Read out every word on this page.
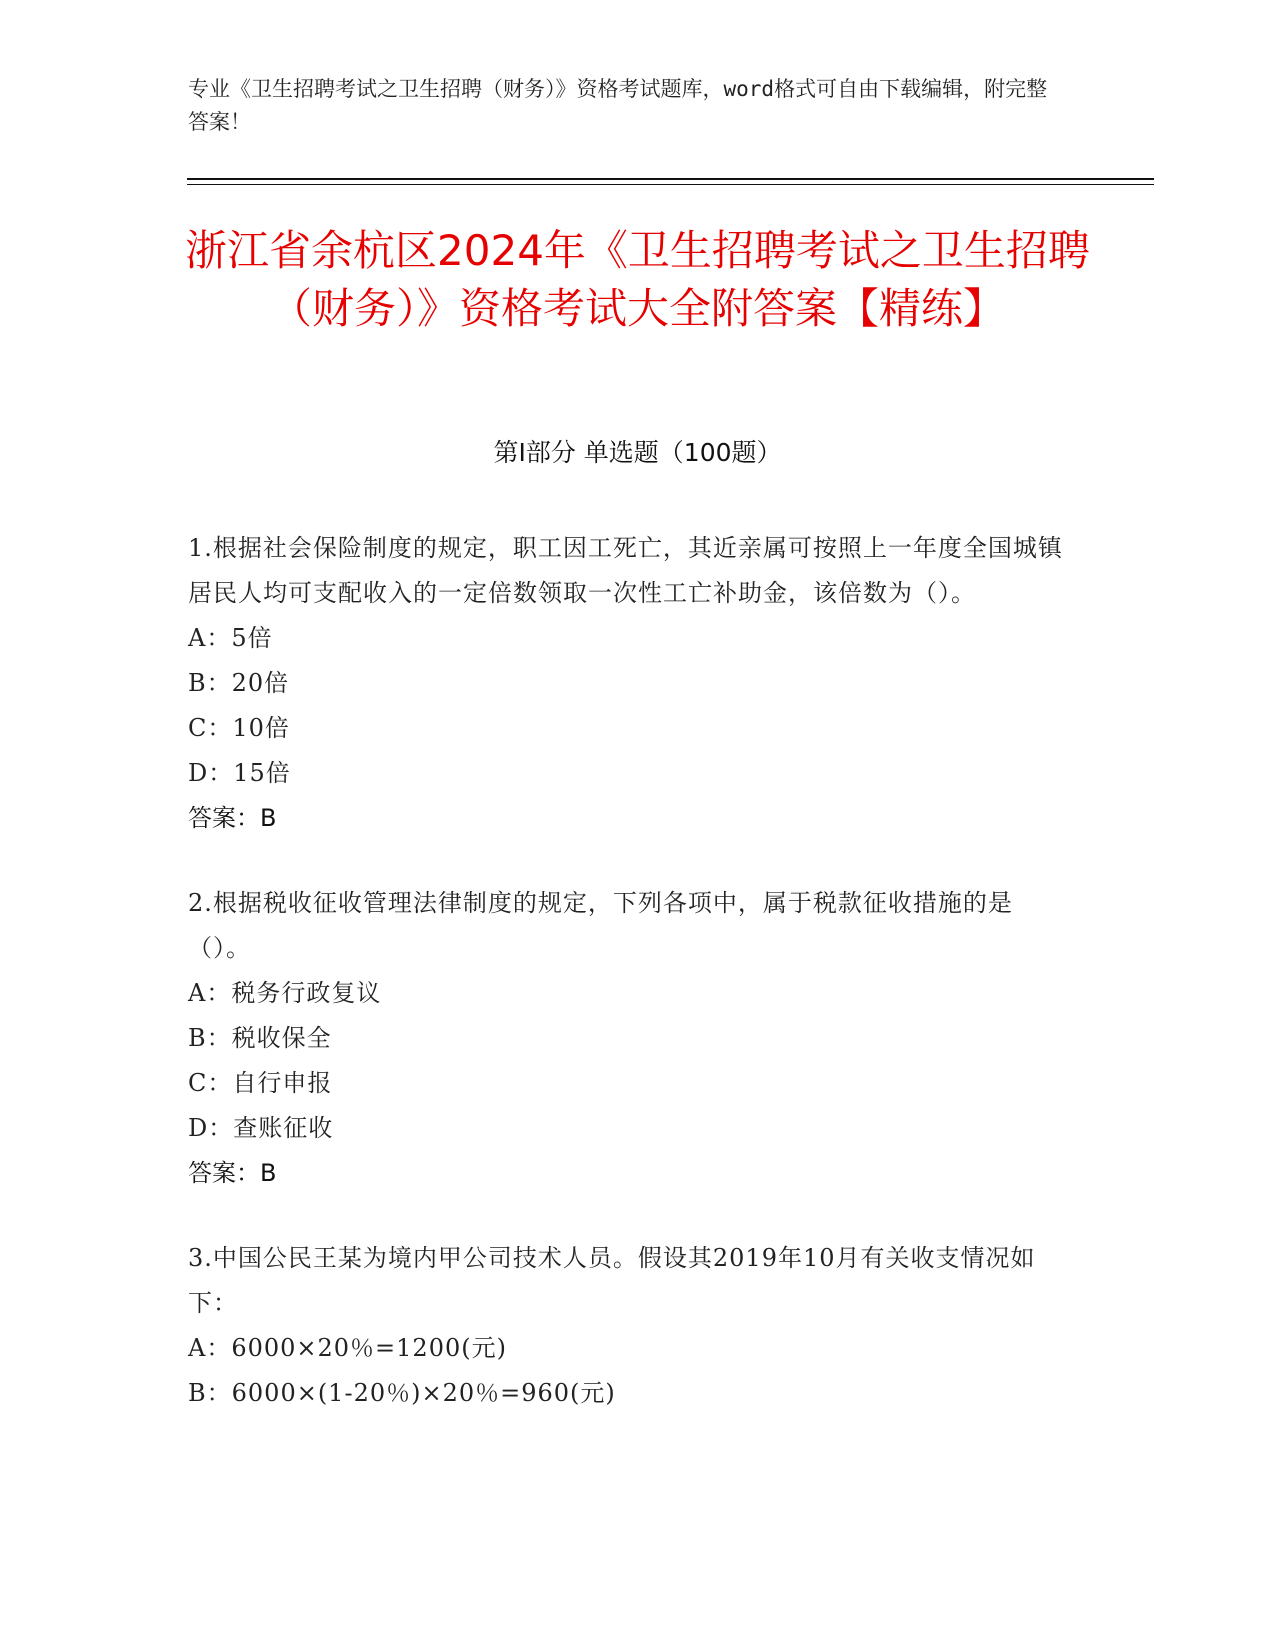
专业《卫生招聘考试之卫生招聘（财务）》资格考试题库，word格式可自由下载编辑，附完整答案！
浙江省余杭区2024年《卫生招聘考试之卫生招聘（财务）》资格考试大全附答案【精练】
第I部分 单选题（100题）
1.根据社会保险制度的规定，职工因工死亡，其近亲属可按照上一年度全国城镇居民人均可支配收入的一定倍数领取一次性工亡补助金，该倍数为（）。
A：5倍
B：20倍
C：10倍
D：15倍
答案：B
2.根据税收征收管理法律制度的规定，下列各项中，属于税款征收措施的是（）。
A：税务行政复议
B：税收保全
C：自行申报
D：查账征收
答案：B
3.中国公民王某为境内甲公司技术人员。假设其2019年10月有关收支情况如下：
A：6000×20％=1200(元)
B：6000×(1-20％)×20％=960(元)
